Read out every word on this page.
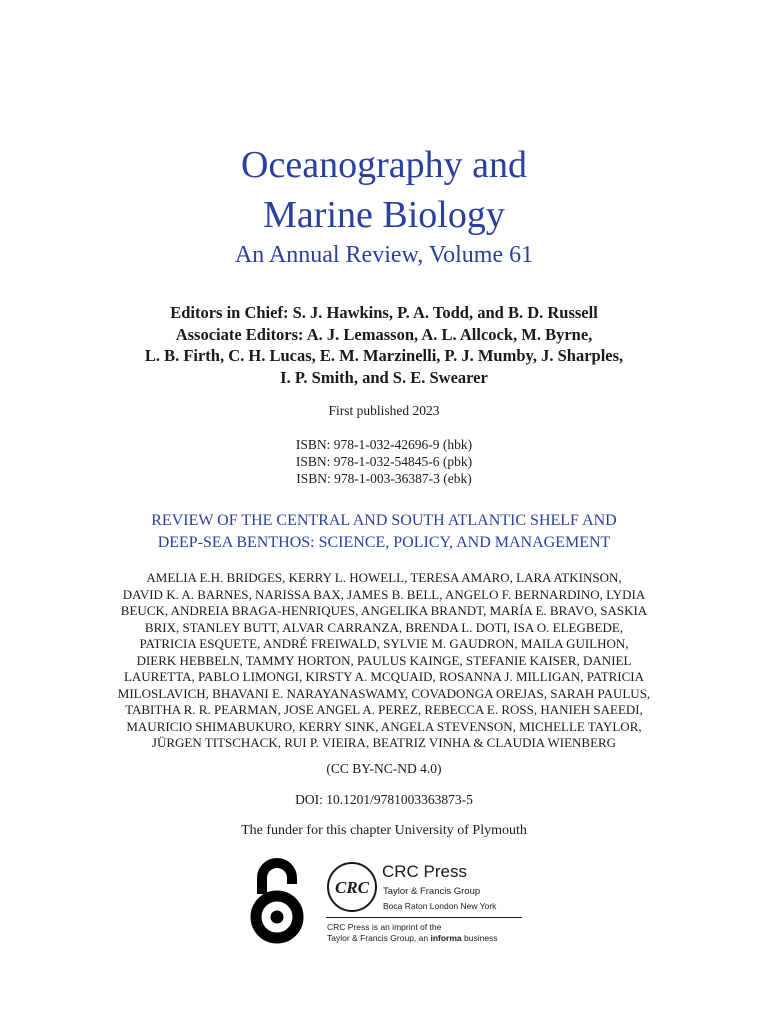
Oceanography and
Marine Biology
An Annual Review, Volume 61
Editors in Chief: S. J. Hawkins, P. A. Todd, and B. D. Russell
Associate Editors: A. J. Lemasson, A. L. Allcock, M. Byrne,
L. B. Firth, C. H. Lucas, E. M. Marzinelli, P. J. Mumby, J. Sharples,
I. P. Smith, and S. E. Swearer
First published 2023
ISBN: 978-1-032-42696-9 (hbk)
ISBN: 978-1-032-54845-6 (pbk)
ISBN: 978-1-003-36387-3 (ebk)
REVIEW OF THE CENTRAL AND SOUTH ATLANTIC SHELF AND
DEEP-SEA BENTHOS: SCIENCE, POLICY, AND MANAGEMENT
AMELIA E.H. BRIDGES, KERRY L. HOWELL, TERESA AMARO, LARA ATKINSON,
DAVID K. A. BARNES, NARISSA BAX, JAMES B. BELL, ANGELO F. BERNARDINO, LYDIA
BEUCK, ANDREIA BRAGA-HENRIQUES, ANGELIKA BRANDT, MARÍA E. BRAVO, SASKIA
BRIX, STANLEY BUTT, ALVAR CARRANZA, BRENDA L. DOTI, ISA O. ELEGBEDE,
PATRICIA ESQUETE, ANDRÉ FREIWALD, SYLVIE M. GAUDRON, MAILA GUILHON,
DIERK HEBBELN, TAMMY HORTON, PAULUS KAINGE, STEFANIE KAISER, DANIEL
LAURETTA, PABLO LIMONGI, KIRSTY A. MCQUAID, ROSANNA J. MILLIGAN, PATRICIA
MILOSLAVICH, BHAVANI E. NARAYANASWAMY, COVADONGA OREJAS, SARAH PAULUS,
TABITHA R. R. PEARMAN, JOSE ANGEL A. PEREZ, REBECCA E. ROSS, HANIEH SAEEDI,
MAURICIO SHIMABUKURO, KERRY SINK, ANGELA STEVENSON, MICHELLE TAYLOR,
JÜRGEN TITSCHACK, RUI P. VIEIRA, BEATRIZ VINHA & CLAUDIA WIENBERG
(CC BY-NC-ND 4.0)
DOI: 10.1201/9781003363873-5
The funder for this chapter University of Plymouth
CRC
CRC Press
Taylor & Francis Group
Boca Raton London New York
CRC Press is an imprint of the
Taylor & Francis Group, an informa business
